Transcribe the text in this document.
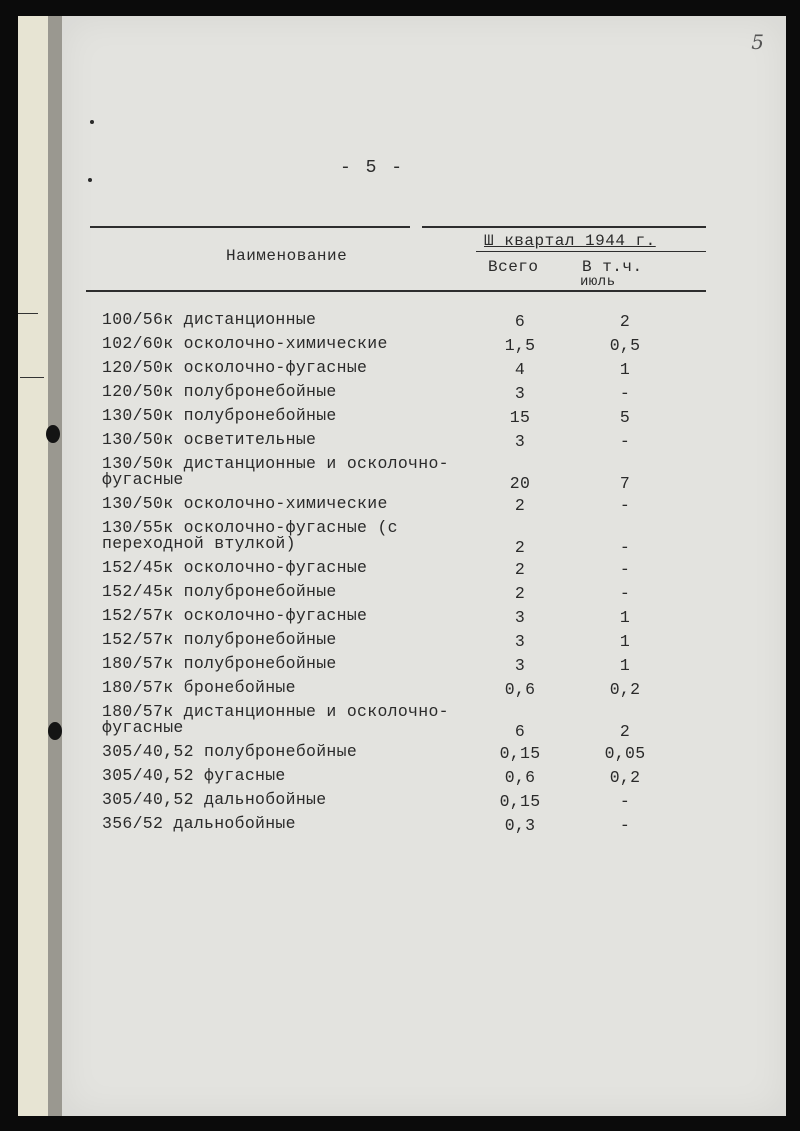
5
- 5 -
Наименование
Ш квартал 1944 г.
Всего	В т.ч.
июль
100/56к дистанционные	6	2
102/60к осколочно-химические	1,5	0,5
120/50к осколочно-фугасные	4	1
120/50к полубронебойные	3	-
130/50к полубронебойные	15	5
130/50к осветительные	3	-
130/50к дистанционные и осколочно-фугасные	20	7
130/50к осколочно-химические	2	-
130/55к осколочно-фугасные (с переходной втулкой)	2	-
152/45к осколочно-фугасные	2	-
152/45к полубронебойные	2	-
152/57к осколочно-фугасные	3	1
152/57к полубронебойные	3	1
180/57к полубронебойные	3	1
180/57к бронебойные	0,6	0,2
180/57к дистанционные и осколочно-фугасные	6	2
305/40,52 полубронебойные	0,15	0,05
305/40,52 фугасные	0,6	0,2
305/40,52 дальнобойные	0,15	-
356/52 дальнобойные	0,3	-
